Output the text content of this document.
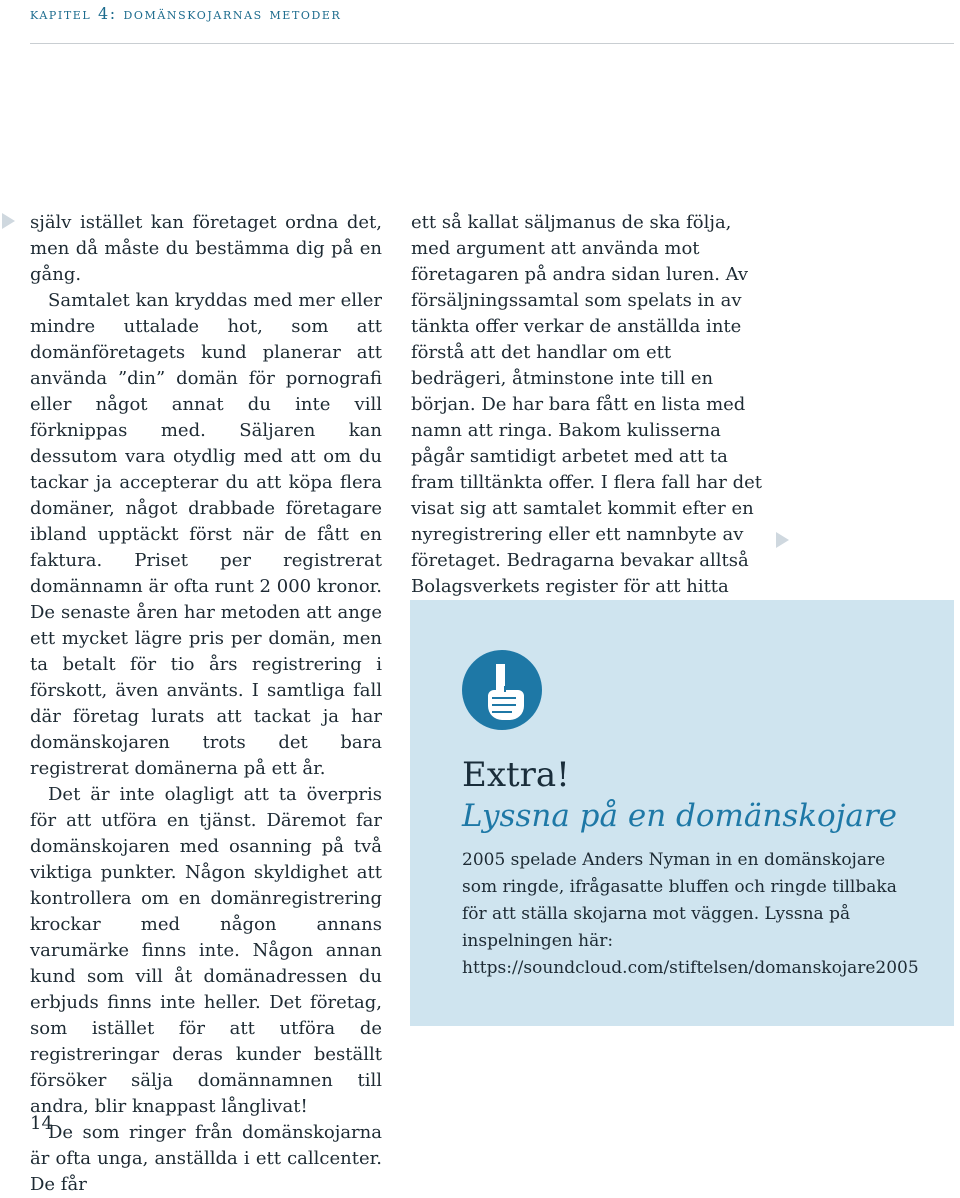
kapitel 4: domänskojarnas metoder

själv istället kan företaget ordna det, men då måste du bestämma dig på en gång.

Samtalet kan kryddas med mer eller mindre uttalade hot, som att domänföretagets kund planerar att använda ”din” domän för pornografi eller något annat du inte vill förknippas med. Säljaren kan dessutom vara otydlig med att om du tackar ja accepterar du att köpa flera domäner, något drabbade företagare ibland upptäckt först när de fått en faktura. Priset per registrerat domännamn är ofta runt 2 000 kronor. De senaste åren har metoden att ange ett mycket lägre pris per domän, men ta betalt för tio års registrering i förskott, även använts. I samtliga fall där företag lurats att tackat ja har domänskojaren trots det bara registrerat domänerna på ett år.

Det är inte olagligt att ta överpris för att utföra en tjänst. Däremot far domänskojaren med osanning på två viktiga punkter. Någon skyldighet att kontrollera om en domänregistrering krockar med någon annans varumärke finns inte. Någon annan kund som vill åt domänadressen du erbjuds finns inte heller. Det företag, som istället för att utföra de registreringar deras kunder beställt försöker sälja domännamnen till andra, blir knappast långlivat!

De som ringer från domänskojarna är ofta unga, anställda i ett callcenter. De får

ett så kallat säljmanus de ska följa, med argument att använda mot företagaren på andra sidan luren. Av försäljningssamtal som spelats in av tänkta offer verkar de anställda inte förstå att det handlar om ett bedrägeri, åtminstone inte till en början. De har bara fått en lista med namn att ringa. Bakom kulisserna pågår samtidigt arbetet med att ta fram tilltänkta offer. I flera fall har det visat sig att samtalet kommit efter en nyregistrering eller ett namnbyte av företaget. Bedragarna bevakar alltså Bolagsverkets register för att hitta

Extra!
Lyssna på en domänskojare

2005 spelade Anders Nyman in en domänskojare som ringde, ifrågasatte bluffen och ringde tillbaka för att ställa skojarna mot väggen. Lyssna på inspelningen här: https://soundcloud.com/stiftelsen/domanskojare2005

14
